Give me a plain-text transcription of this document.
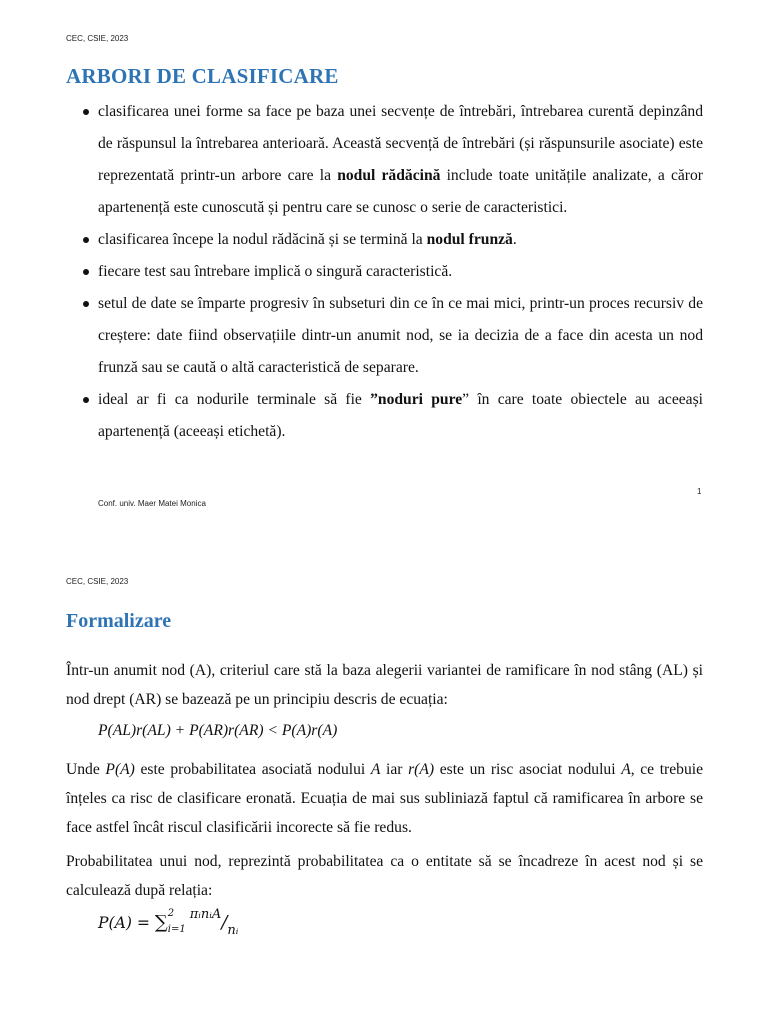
CEC, CSIE, 2023
ARBORI DE CLASIFICARE
clasificarea unei forme sa face pe baza unei secvențe de întrebări, întrebarea curentă depinzând de răspunsul la întrebarea anterioară. Această secvență de întrebări (și răspunsurile asociate) este reprezentată printr-un arbore care la nodul rădăcină include toate unitățile analizate, a căror apartenență este cunoscută și pentru care se cunosc o serie de caracteristici.
clasificarea începe la nodul rădăcină și se termină la nodul frunză.
fiecare test sau întrebare implică o singură caracteristică.
setul de date se împarte progresiv în subseturi din ce în ce mai mici, printr-un proces recursiv de creștere: date fiind observațiile dintr-un anumit nod, se ia decizia de a face din acesta un nod frunză sau se caută o altă caracteristică de separare.
ideal ar fi ca nodurile terminale să fie ”noduri pure” în care toate obiectele au aceeași apartenență (aceeași etichetă).
1
Conf. univ. Maer Matei Monica
CEC, CSIE, 2023
Formalizare

Într-un anumit nod (A), criteriul care stă la baza alegerii variantei de ramificare în nod stâng (AL) și nod drept (AR) se bazează pe un principiu descris de ecuația:

P(AL)r(AL) + P(AR)r(AR) < P(A)r(A)

Unde P(A) este probabilitatea asociată nodului A iar r(A) este un risc asociat nodului A, ce trebuie înțeles ca risc de clasificare eronată. Ecuația de mai sus subliniază faptul că ramificarea în arbore se face astfel încât riscul clasificării incorecte să fie redus.

Probabilitatea unui nod, reprezintă probabilitatea ca o entitate să se încadreze în acest nod și se calculează după relația:

P(A) = ∑ 2
i=1
$^{\pi ᵢnᵢA}/_{nᵢ}$
